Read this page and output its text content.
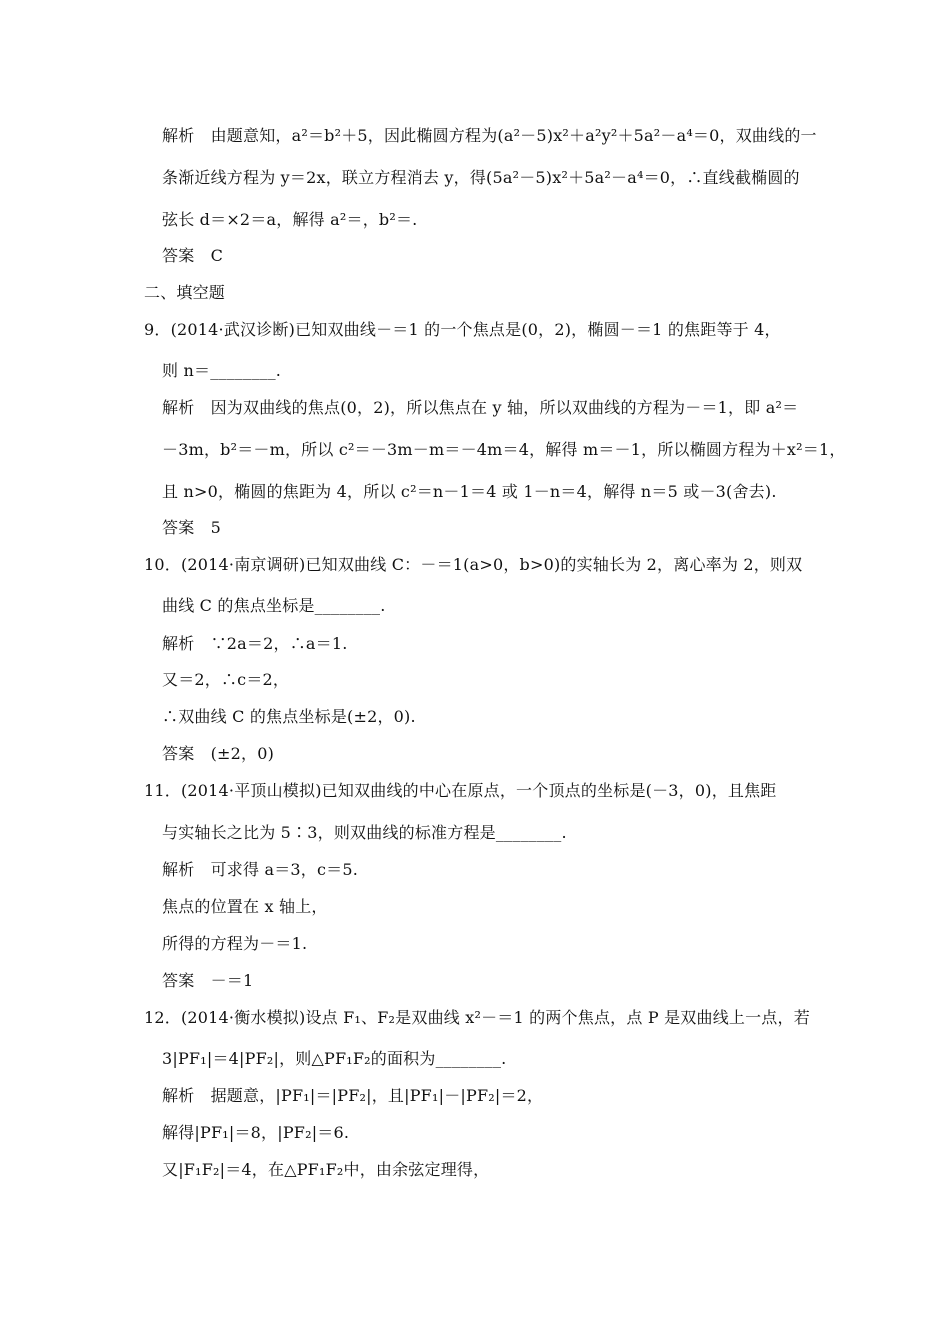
解析　由题意知，a²＝b²＋5，因此椭圆方程为(a²－5)x²＋a²y²＋5a²－a⁴＝0，双曲线的一
条渐近线方程为 y＝2x，联立方程消去 y，得(5a²－5)x²＋5a²－a⁴＝0，∴直线截椭圆的
弦长 d＝×2＝a，解得 a²＝，b²＝.
答案　C
二、填空题
9．(2014·武汉诊断)已知双曲线－＝1 的一个焦点是(0，2)，椭圆－＝1 的焦距等于 4，
则 n＝________.
解析　因为双曲线的焦点(0，2)，所以焦点在 y 轴，所以双曲线的方程为－＝1，即 a²＝
－3m，b²＝－m，所以 c²＝－3m－m＝－4m＝4，解得 m＝－1，所以椭圆方程为＋x²＝1，
且 n>0，椭圆的焦距为 4，所以 c²＝n－1＝4 或 1－n＝4，解得 n＝5 或－3(舍去).
答案　5
10．(2014·南京调研)已知双曲线 C：－＝1(a>0，b>0)的实轴长为 2，离心率为 2，则双
曲线 C 的焦点坐标是________.
解析　∵2a＝2，∴a＝1.
又＝2，∴c＝2，
∴双曲线 C 的焦点坐标是(±2，0).
答案　(±2，0)
11．(2014·平顶山模拟)已知双曲线的中心在原点，一个顶点的坐标是(－3，0)，且焦距
与实轴长之比为 5∶3，则双曲线的标准方程是________.
解析　可求得 a＝3，c＝5.
焦点的位置在 x 轴上，
所得的方程为－＝1.
答案　－＝1
12．(2014·衡水模拟)设点 F₁、F₂是双曲线 x²－＝1 的两个焦点，点 P 是双曲线上一点，若
3|PF₁|＝4|PF₂|，则△PF₁F₂的面积为________.
解析　据题意，|PF₁|＝|PF₂|，且|PF₁|－|PF₂|＝2，
解得|PF₁|＝8，|PF₂|＝6.
又|F₁F₂|＝4，在△PF₁F₂中，由余弦定理得，
